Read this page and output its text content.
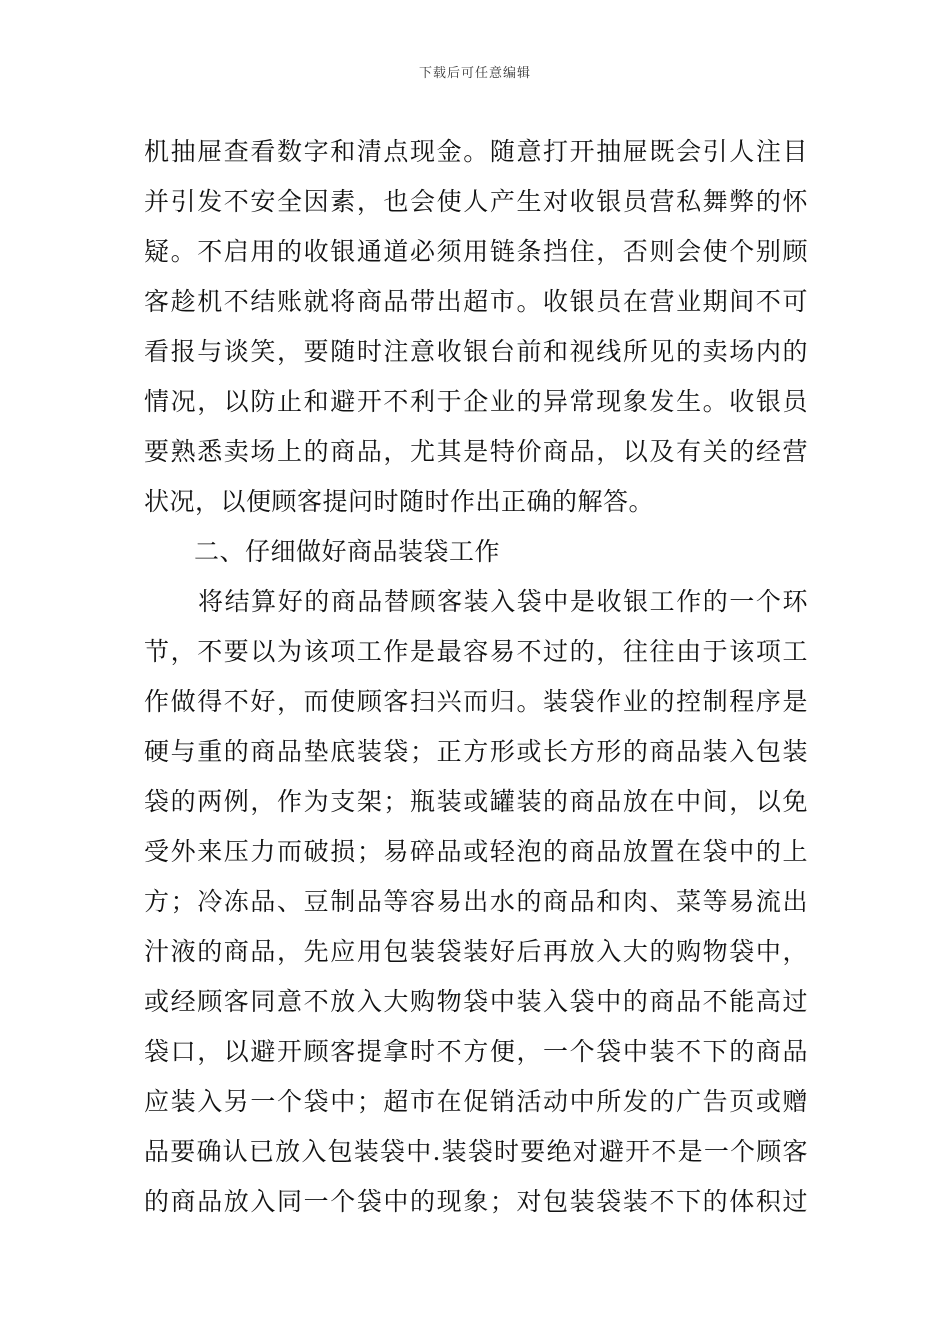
下载后可任意编辑
机抽屉查看数字和清点现金。随意打开抽屉既会引人注目
并引发不安全因素，也会使人产生对收银员营私舞弊的怀
疑。不启用的收银通道必须用链条挡住，否则会使个别顾
客趁机不结账就将商品带出超市。收银员在营业期间不可
看报与谈笑，要随时注意收银台前和视线所见的卖场内的
情况，以防止和避开不利于企业的异常现象发生。收银员
要熟悉卖场上的商品，尤其是特价商品，以及有关的经营
状况，以便顾客提问时随时作出正确的解答。
二、仔细做好商品装袋工作
将结算好的商品替顾客装入袋中是收银工作的一个环
节，不要以为该项工作是最容易不过的，往往由于该项工
作做得不好，而使顾客扫兴而归。装袋作业的控制程序是
硬与重的商品垫底装袋；正方形或长方形的商品装入包装
袋的两例，作为支架；瓶装或罐装的商品放在中间，以免
受外来压力而破损；易碎品或轻泡的商品放置在袋中的上
方；冷冻品、豆制品等容易出水的商品和肉、菜等易流出
汁液的商品，先应用包装袋装好后再放入大的购物袋中，
或经顾客同意不放入大购物袋中装入袋中的商品不能高过
袋口，以避开顾客提拿时不方便，一个袋中装不下的商品
应装入另一个袋中；超市在促销活动中所发的广告页或赠
品要确认已放入包装袋中.装袋时要绝对避开不是一个顾客
的商品放入同一个袋中的现象；对包装袋装不下的体积过
